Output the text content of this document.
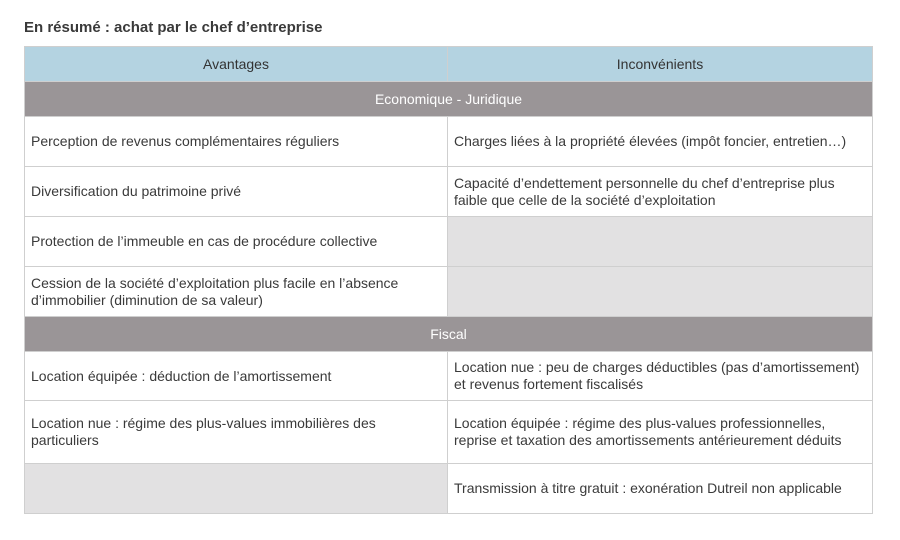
En résumé : achat par le chef d’entreprise
Avantages	Inconvénients
Economique - Juridique	
Perception de revenus complémentaires réguliers	Charges liées à la propriété élevées (impôt foncier, entretien…)
Diversification du patrimoine privé	Capacité d’endettement personnelle du chef d’entreprise plus faible que celle de la société d’exploitation
Protection de l’immeuble en cas de procédure collective	
Cession de la société d’exploitation plus facile en l’absence d’immobilier (diminution de sa valeur)	
Fiscal	
Location équipée : déduction de l’amortissement	Location nue : peu de charges déductibles (pas d’amortissement) et revenus fortement fiscalisés
Location nue : régime des plus-values immobilières des particuliers	Location équipée : régime des plus-values professionnelles, reprise et taxation des amortissements antérieurement déduits
	Transmission à titre gratuit : exonération Dutreil non applicable
